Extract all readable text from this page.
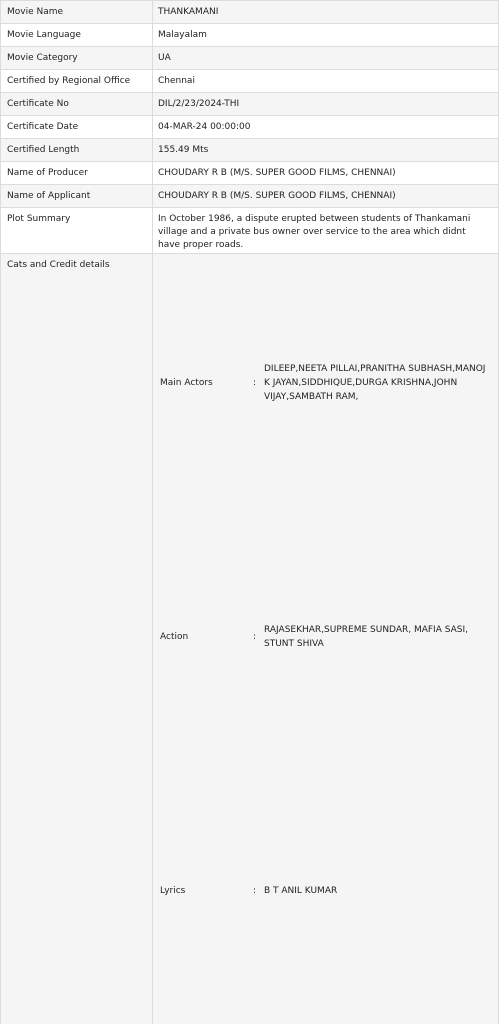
Movie Name	THANKAMANI
Movie Language	Malayalam
Movie Category	UA
Certified by Regional Office	Chennai
Certificate No	DIL/2/23/2024-THI
Certificate Date	04-MAR-24 00:00:00
Certified Length	155.49 Mts
Name of Producer	CHOUDARY R B (M/S. SUPER GOOD FILMS, CHENNAI)
Name of Applicant	CHOUDARY R B (M/S. SUPER GOOD FILMS, CHENNAI)
Plot Summary	In October 1986, a dispute erupted between students of Thankamani village and a private bus owner over service to the area which didnt have proper roads.
Cats and Credit details	
Main Actors	:	DILEEP,NEETA PILLAI,PRANITHA SUBHASH,MANOJ K JAYAN,SIDDHIQUE,DURGA KRISHNA,JOHN VIJAY,SAMBATH RAM,
Action	:	RAJASEKHAR,SUPREME SUNDAR, MAFIA SASI, STUNT SHIVA
Lyrics	:	B T ANIL KUMAR
